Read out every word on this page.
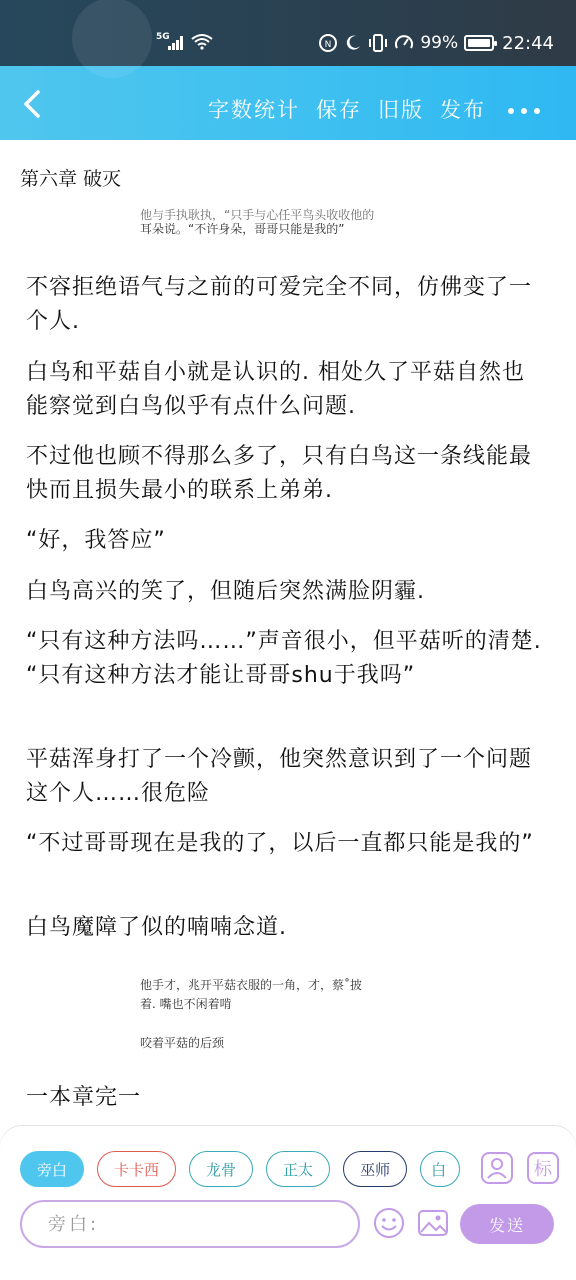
5G
N	99% 22:44
字数统计 保存 旧版 发布
第六章 破灭
他与手执耿执，“只手与心任平鸟头收收他的
耳朵说。“不许身朵，哥哥只能是我的”
不容拒绝语气与之前的可爱完全不同，仿佛变了一个人.
白鸟和平菇自小就是认识的. 相处久了平菇自然也能察觉到白鸟似乎有点什么问题.
不过他也顾不得那么多了，只有白鸟这一条线能最快而且损失最小的联系上弟弟.
“好，我答应”
白鸟高兴的笑了，但随后突然满脸阴霾.
“只有这种方法吗……”声音很小，但平菇听的清楚. “只有这种方法才能让哥哥shu于我吗”
平菇浑身打了一个冷颤，他突然意识到了一个问题这个人……很危险
“不过哥哥现在是我的了，以后一直都只能是我的”
白鸟魔障了似的喃喃念道.
他手才，兆开平菇衣服的一角，才，蔡˚披
着. 嘴也不闲着啃
咬着平菇的后颈
一本章完一
旁白	卡卡西	龙骨	正太	巫师	白	标
旁白:
发送
